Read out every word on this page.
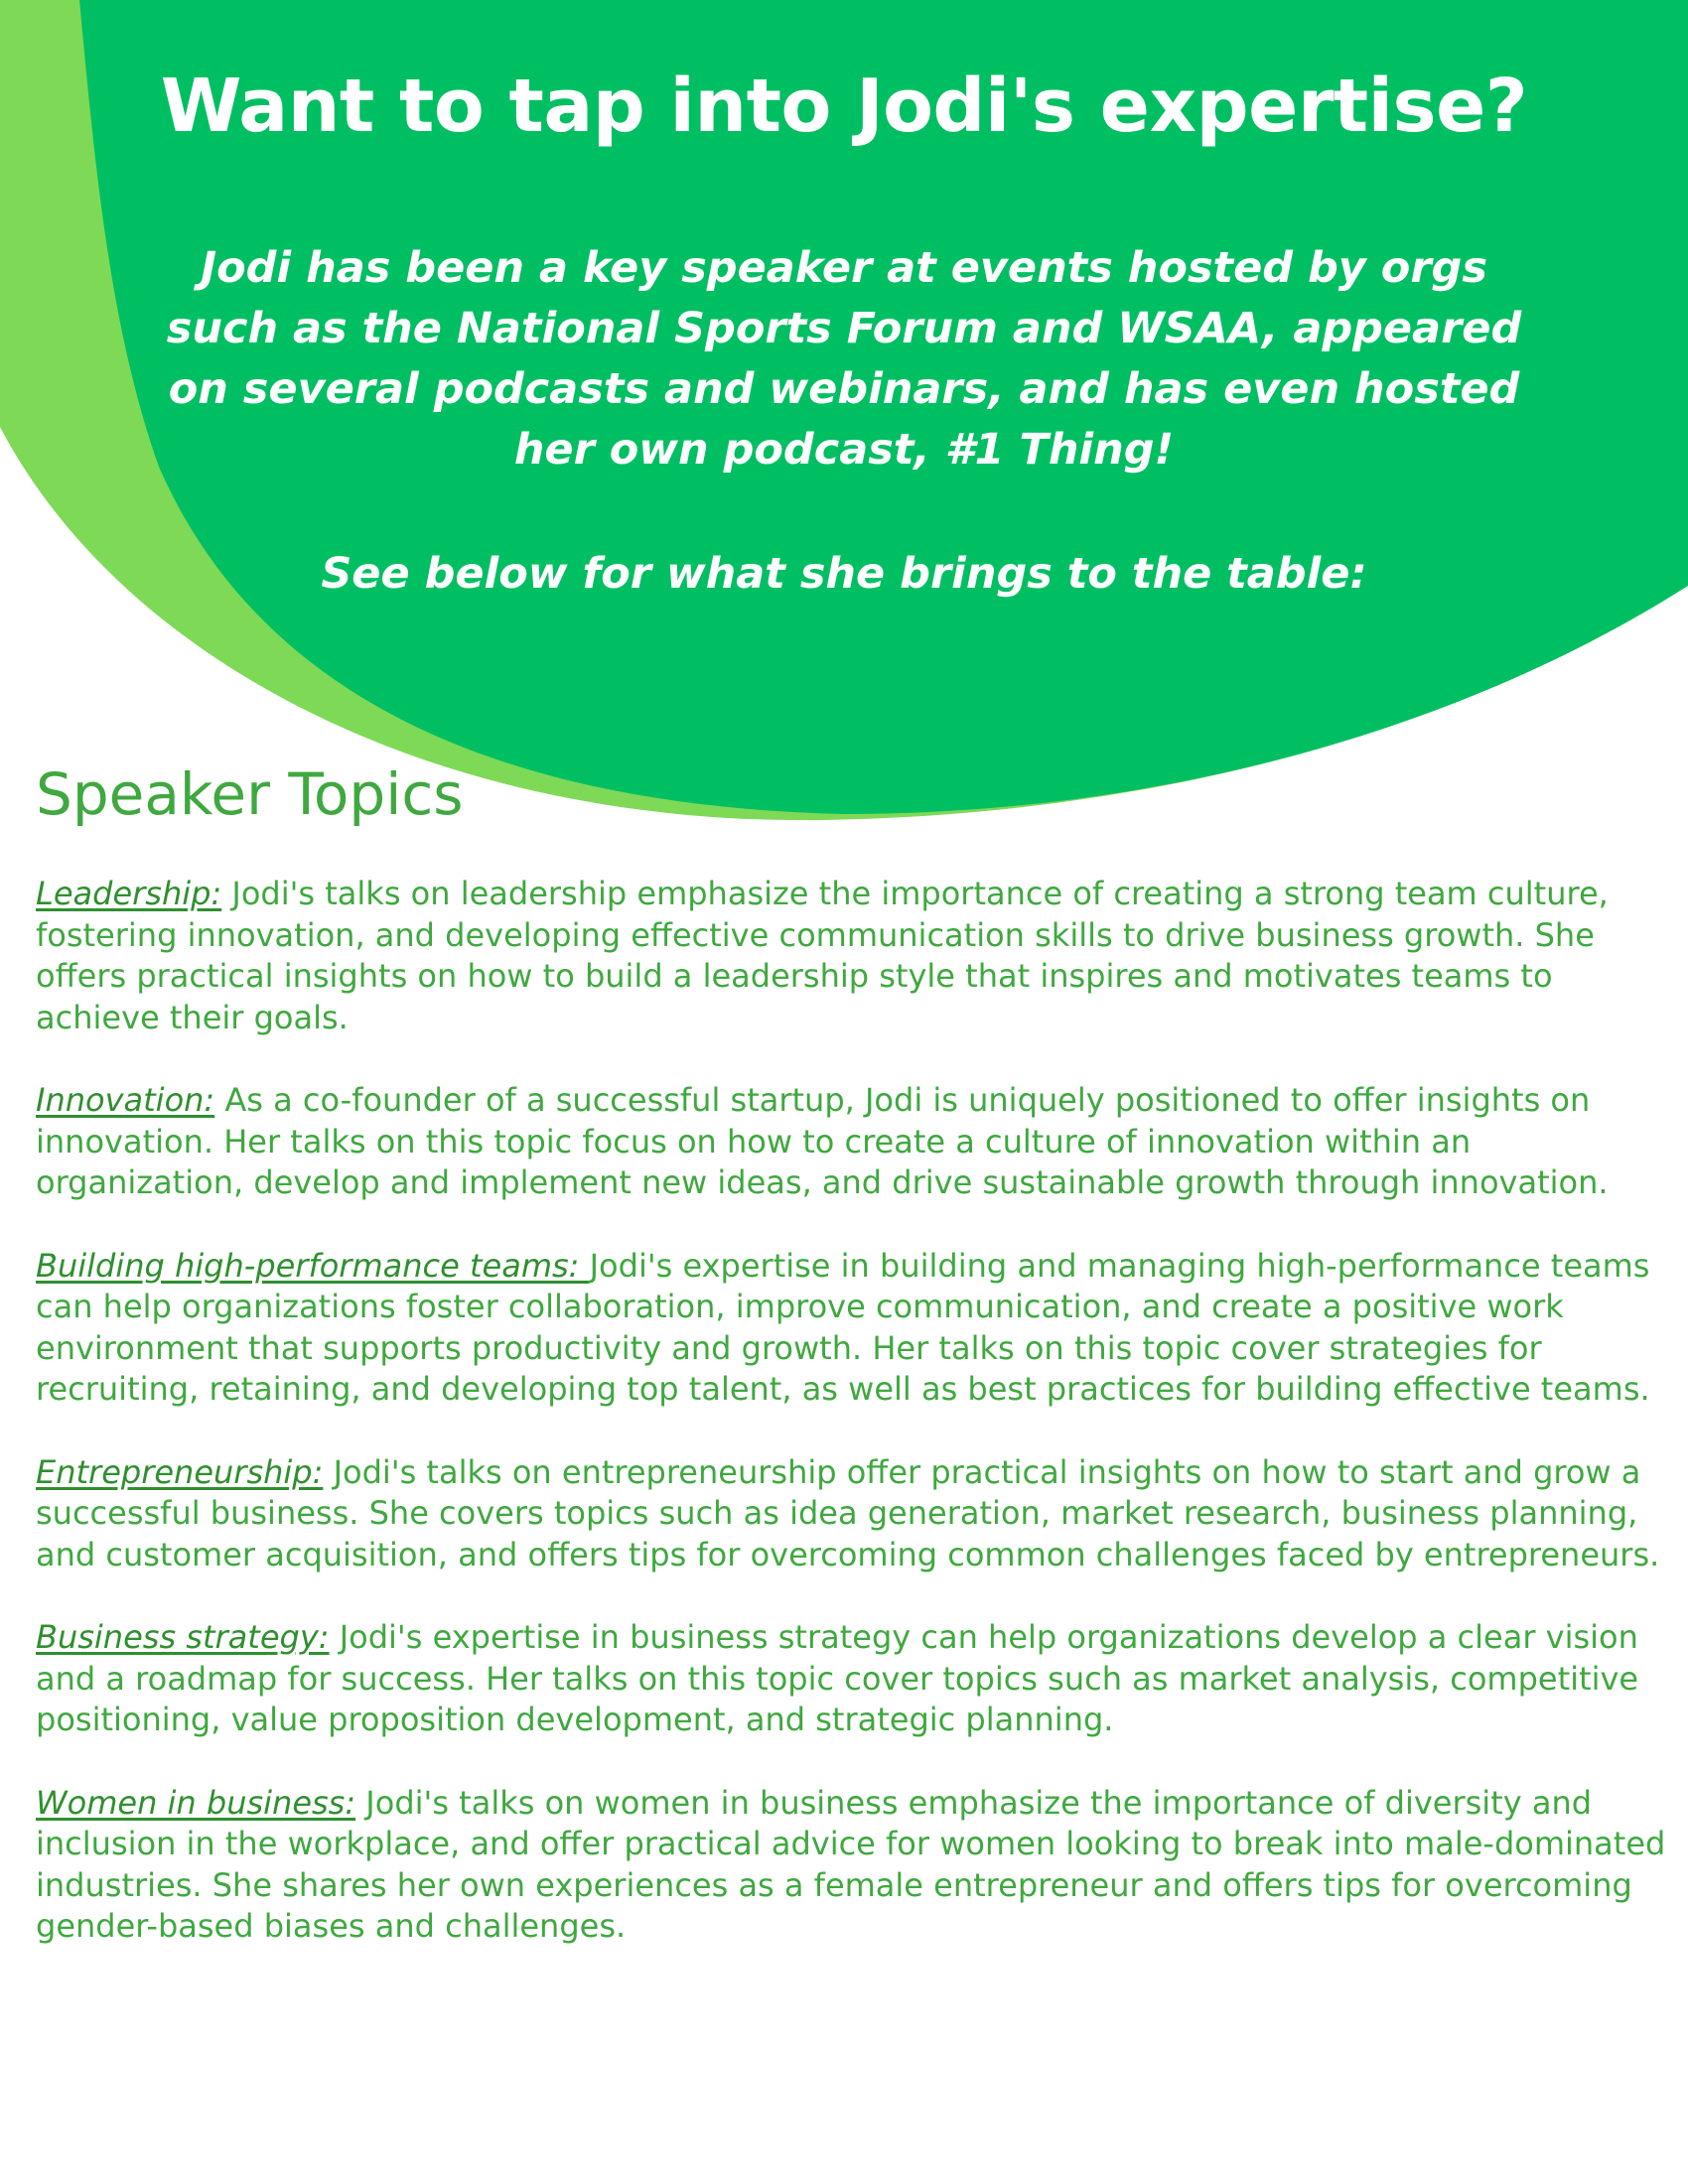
Want to tap into Jodi's expertise?

Jodi has been a key speaker at events hosted by orgs such as the National Sports Forum and WSAA, appeared on several podcasts and webinars, and has even hosted her own podcast, #1 Thing!

See below for what she brings to the table:

Speaker Topics

Leadership: Jodi's talks on leadership emphasize the importance of creating a strong team culture, fostering innovation, and developing effective communication skills to drive business growth. She offers practical insights on how to build a leadership style that inspires and motivates teams to achieve their goals.

Innovation: As a co-founder of a successful startup, Jodi is uniquely positioned to offer insights on innovation. Her talks on this topic focus on how to create a culture of innovation within an organization, develop and implement new ideas, and drive sustainable growth through innovation.

Building high-performance teams: Jodi's expertise in building and managing high-performance teams can help organizations foster collaboration, improve communication, and create a positive work environment that supports productivity and growth. Her talks on this topic cover strategies for recruiting, retaining, and developing top talent, as well as best practices for building effective teams.

Entrepreneurship: Jodi's talks on entrepreneurship offer practical insights on how to start and grow a successful business. She covers topics such as idea generation, market research, business planning, and customer acquisition, and offers tips for overcoming common challenges faced by entrepreneurs.

Business strategy: Jodi's expertise in business strategy can help organizations develop a clear vision and a roadmap for success. Her talks on this topic cover topics such as market analysis, competitive positioning, value proposition development, and strategic planning.

Women in business: Jodi's talks on women in business emphasize the importance of diversity and inclusion in the workplace, and offer practical advice for women looking to break into male-dominated industries. She shares her own experiences as a female entrepreneur and offers tips for overcoming gender-based biases and challenges.
